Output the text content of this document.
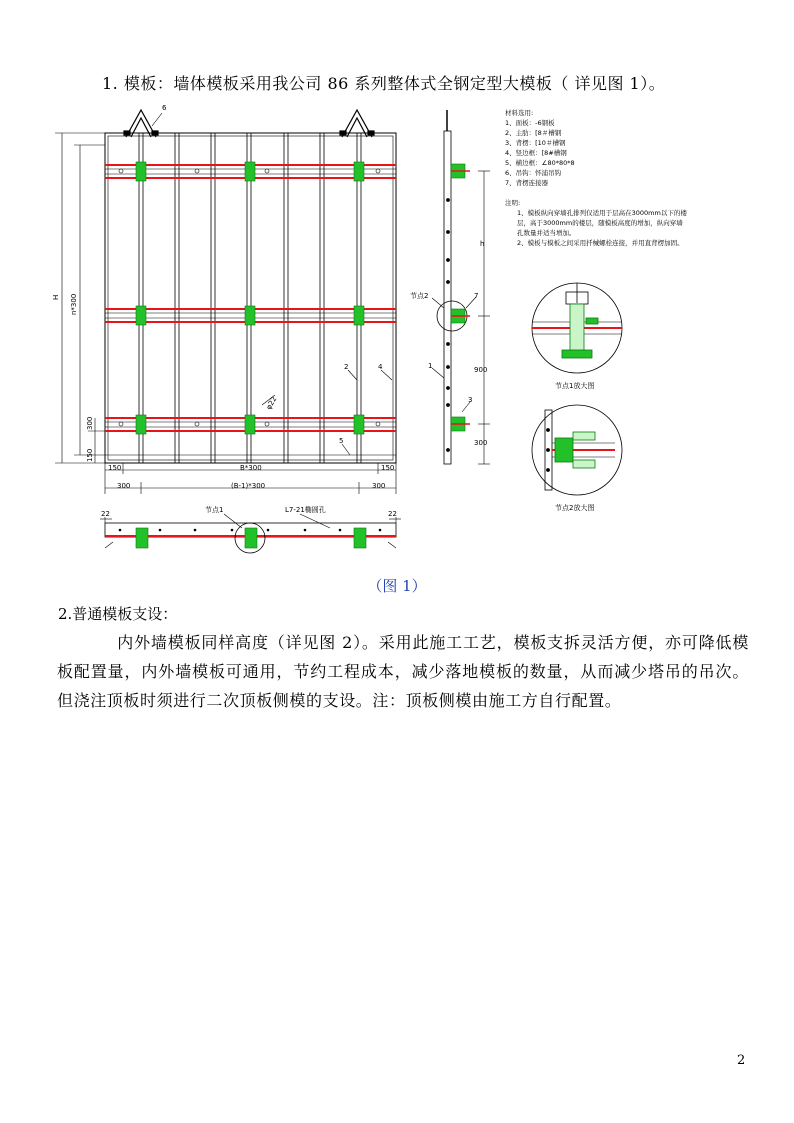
1. 模板：墙体模板采用我公司 86 系列整体式全钢定型大模板（ 详见图 1）。
H n*300
300
150
150	B*300	150
300	(B-1)*300	300
φ22
6
2	4
5
h
900
300
节点2	7
1
3
22	22
节点1	L7-21椭圆孔
材料选用:
1、面板：-6钢板
2、主肋：[8＃槽钢
3、背楞：[10＃槽钢
4、竖边框：[8#槽钢
5、横边框：∠80*80*8
6、吊钩：怀浦吊钩
7、背楞连接器
注明:
1、模板纵向穿墙孔排列仅适用于层高在3000mm以下的楼层，高于3000mm的楼层，随模板高度的增加，纵向穿墙孔数量并适当增加。
2、模板与模板之间采用扦械螺栓连接，并用直背楞加固。
节点1放大图
节点2放大图
（图 1）
2.普通模板支设：
内外墙模板同样高度（详见图 2）。采用此施工工艺，模板支拆灵活方便，亦可降低模板配置量，内外墙模板可通用，节约工程成本，减少落地模板的数量，从而减少塔吊的吊次。但浇注顶板时须进行二次顶板侧模的支设。注：顶板侧模由施工方自行配置。
2
